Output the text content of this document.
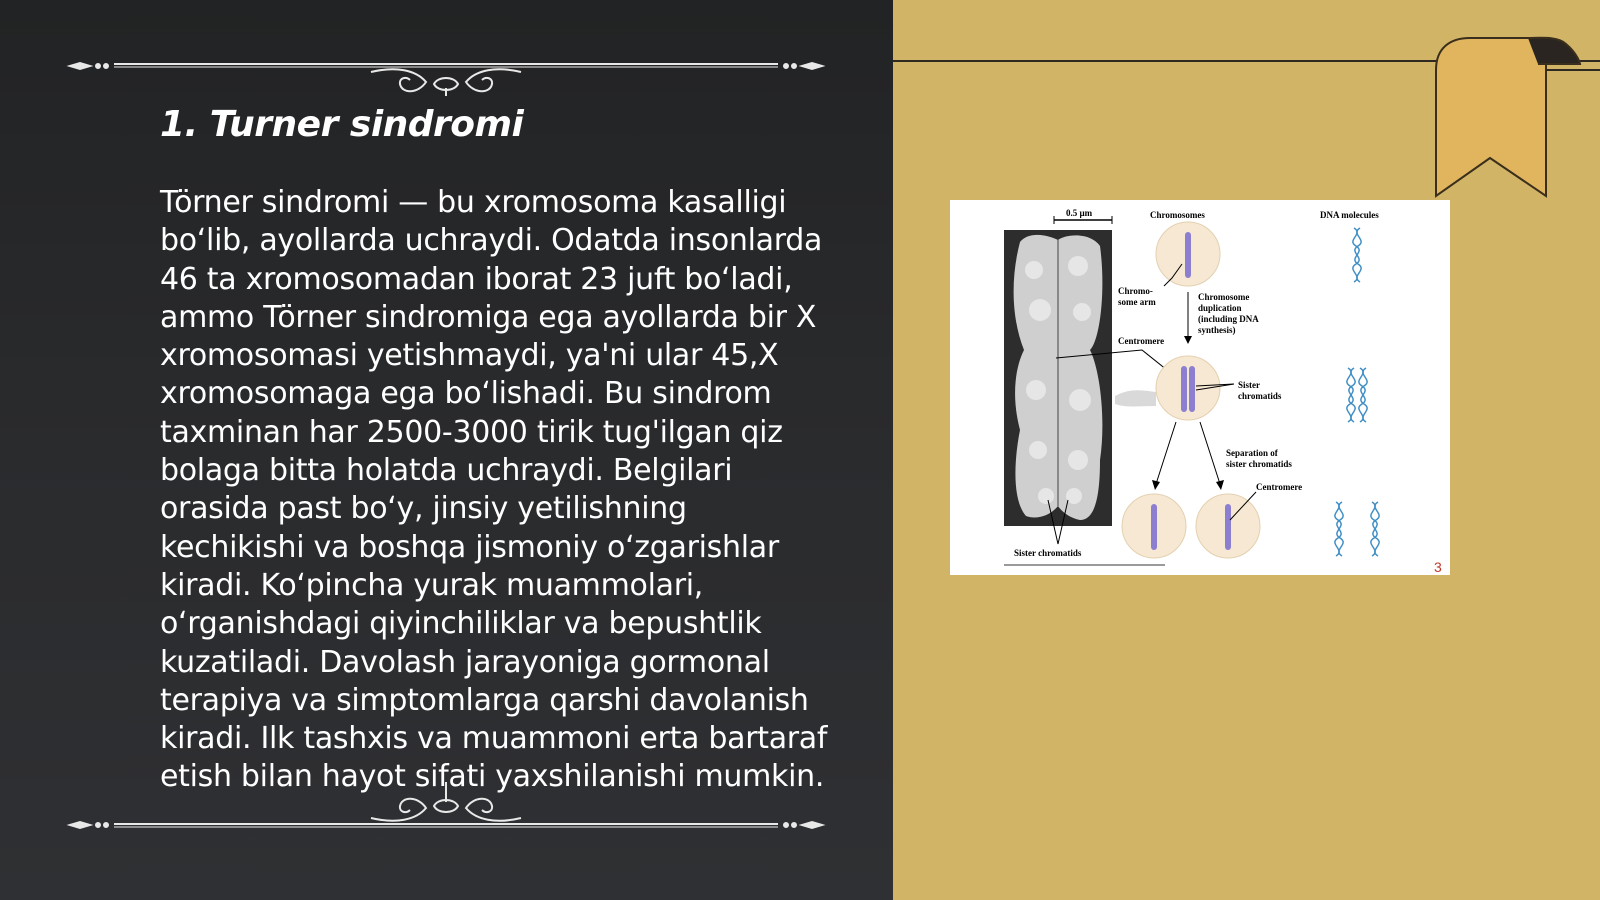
1. Turner sindromi

Törner sindromi — bu xromosoma kasalligi bo‘lib, ayollarda uchraydi. Odatda insonlarda 46 ta xromosomadan iborat 23 juft bo‘ladi, ammo Törner sindromiga ega ayollarda bir X xromosomasi yetishmaydi, ya'ni ular 45,X xromosomaga ega bo‘lishadi. Bu sindrom taxminan har 2500-3000 tirik tug'ilgan qiz bolaga bitta holatda uchraydi. Belgilari orasida past bo‘y, jinsiy yetilishning kechikishi va boshqa jismoniy o‘zgarishlar kiradi. Ko‘pincha yurak muammolari, o‘rganishdagi qiyinchiliklar va bepushtlik kuzatiladi. Davolash jarayoniga gormonal terapiya va simptomlarga qarshi davolanish kiradi. Ilk tashxis va muammoni erta bartaraf etish bilan hayot sifati yaxshilanishi mumkin.

0.5 µm	Chromosomes	DNA molecules
Chromo-
some arm	Chromosome
duplication
(including DNA
synthesis)
Centromere
Sister
chromatids
Separation of
sister chromatids
Centromere
Sister chromatids
3
